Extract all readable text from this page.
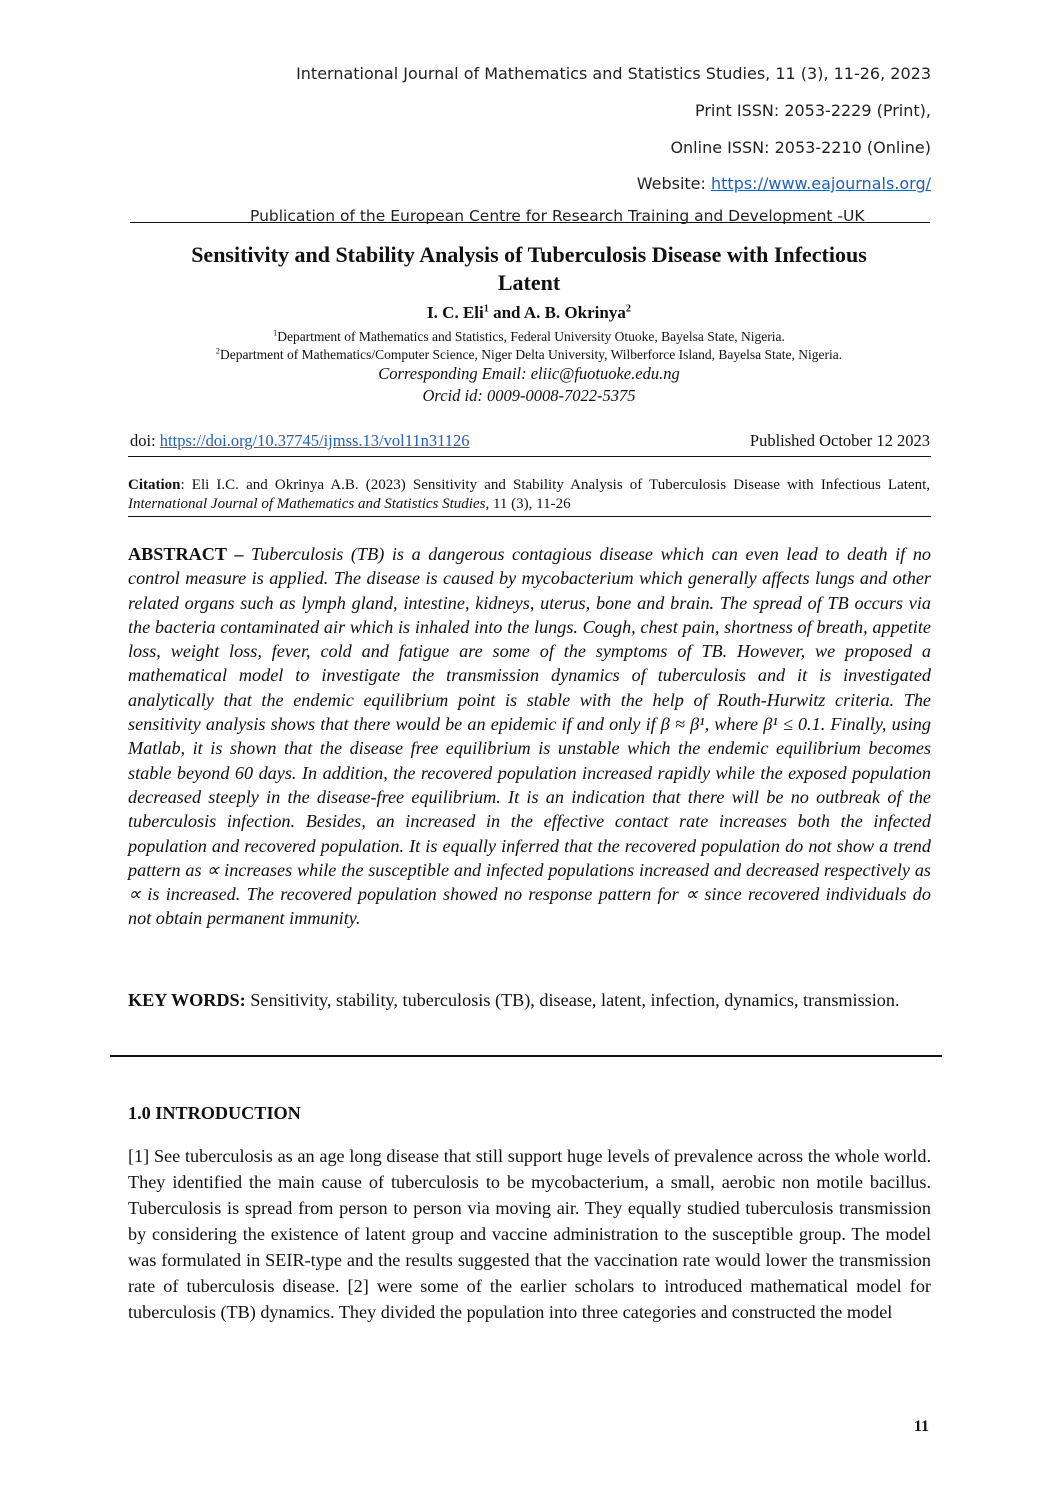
International Journal of Mathematics and Statistics Studies, 11 (3), 11-26, 2023
Print ISSN: 2053-2229 (Print),
Online ISSN: 2053-2210 (Online)
Website: https://www.eajournals.org/
Publication of the European Centre for Research Training and Development -UK
Sensitivity and Stability Analysis of Tuberculosis Disease with Infectious
Latent
I. C. Eli$^1$ and A. B. Okrinya$^2$
$^1$Department of Mathematics and Statistics, Federal University Otuoke, Bayelsa State, Nigeria.
$^2$Department of Mathematics/Computer Science, Niger Delta University, Wilberforce Island, Bayelsa State, Nigeria.
Corresponding Email: eliic@fuotuoke.edu.ng
Orcid id: 0009-0008-7022-5375
doi: https://doi.org/10.37745/ijmss.13/vol11n31126	Published October 12 2023
Citation: Eli I.C. and Okrinya A.B. (2023) Sensitivity and Stability Analysis of Tuberculosis Disease with Infectious Latent, International Journal of Mathematics and Statistics Studies, 11 (3), 11-26
ABSTRACT – Tuberculosis (TB) is a dangerous contagious disease which can even lead to death if no control measure is applied. The disease is caused by mycobacterium which generally affects lungs and other related organs such as lymph gland, intestine, kidneys, uterus, bone and brain. The spread of TB occurs via the bacteria contaminated air which is inhaled into the lungs. Cough, chest pain, shortness of breath, appetite loss, weight loss, fever, cold and fatigue are some of the symptoms of TB. However, we proposed a mathematical model to investigate the transmission dynamics of tuberculosis and it is investigated analytically that the endemic equilibrium point is stable with the help of Routh-Hurwitz criteria. The sensitivity analysis shows that there would be an epidemic if and only if β ≈ β¹, where β¹ ≤ 0.1. Finally, using Matlab, it is shown that the disease free equilibrium is unstable which the endemic equilibrium becomes stable beyond 60 days. In addition, the recovered population increased rapidly while the exposed population decreased steeply in the disease-free equilibrium. It is an indication that there will be no outbreak of the tuberculosis infection. Besides, an increased in the effective contact rate increases both the infected population and recovered population. It is equally inferred that the recovered population do not show a trend pattern as ∝ increases while the susceptible and infected populations increased and decreased respectively as ∝ is increased. The recovered population showed no response pattern for ∝ since recovered individuals do not obtain permanent immunity.
KEY WORDS: Sensitivity, stability, tuberculosis (TB), disease, latent, infection, dynamics, transmission.
1.0 INTRODUCTION
[1] See tuberculosis as an age long disease that still support huge levels of prevalence across the whole world. They identified the main cause of tuberculosis to be mycobacterium, a small, aerobic non motile bacillus. Tuberculosis is spread from person to person via moving air. They equally studied tuberculosis transmission by considering the existence of latent group and vaccine administration to the susceptible group. The model was formulated in SEIR-type and the results suggested that the vaccination rate would lower the transmission rate of tuberculosis disease. [2] were some of the earlier scholars to introduced mathematical model for tuberculosis (TB) dynamics. They divided the population into three categories and constructed the model
11
